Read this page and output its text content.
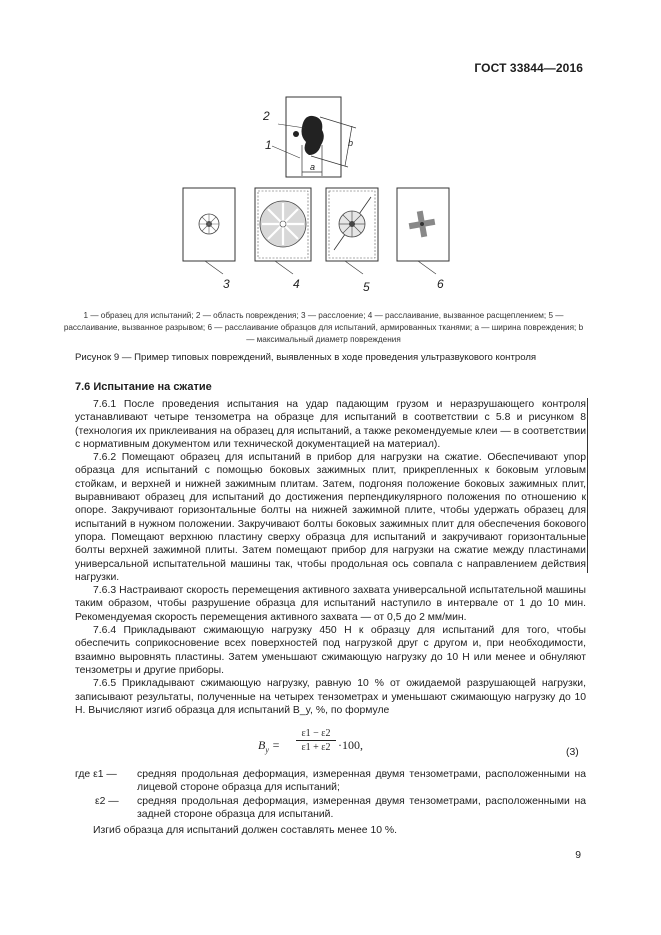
ГОСТ 33844—2016
a
b
2
1
3	4	5	6
1 — образец для испытаний; 2 — область повреждения; 3 — расслоение; 4 — расслаивание, вызванное расщеплением; 5 — расслаивание, вызванное разрывом; 6 — расслаивание образцов для испытаний, армированных тканями; a — ширина повреждения; b — максимальный диаметр повреждения
Рисунок 9 — Пример типовых повреждений, выявленных в ходе проведения ультразвукового контроля
7.6 Испытание на сжатие

7.6.1 После проведения испытания на удар падающим грузом и неразрушающего контроля устанавливают четыре тензометра на образце для испытаний в соответствии с 5.8 и рисунком 8 (технология их приклеивания на образец для испытаний, а также рекомендуемые клеи — в соответствии с нормативным документом или технической документацией на материал).

7.6.2 Помещают образец для испытаний в прибор для нагрузки на сжатие. Обеспечивают упор образца для испытаний с помощью боковых зажимных плит, прикрепленных к боковым угловым стойкам, и верхней и нижней зажимным плитам. Затем, подгоняя положение боковых зажимных плит, выравнивают образец для испытаний до достижения перпендикулярного положения по отношению к опоре. Закручивают горизонтальные болты на нижней зажимной плите, чтобы удержать образец для испытаний в нужном положении. Закручивают болты боковых зажимных плит для обеспечения бокового упора. Помещают верхнюю пластину сверху образца для испытаний и закручивают горизонтальные болты верхней зажимной плиты. Затем помещают прибор для нагрузки на сжатие между пластинами универсальной испытательной машины так, чтобы продольная ось совпала с направлением действия нагрузки.

7.6.3 Настраивают скорость перемещения активного захвата универсальной испытательной машины таким образом, чтобы разрушение образца для испытаний наступило в интервале от 1 до 10 мин. Рекомендуемая скорость перемещения активного захвата — от 0,5 до 2 мм/мин.

7.6.4 Прикладывают сжимающую нагрузку 450 Н к образцу для испытаний для того, чтобы обеспечить соприкосновение всех поверхностей под нагрузкой друг с другом и, при необходимости, взаимно выровнять пластины. Затем уменьшают сжимающую нагрузку до 10 Н или менее и обнуляют тензометры и другие приборы.

7.6.5 Прикладывают сжимающую нагрузку, равную 10 % от ожидаемой разрушающей нагрузки, записывают результаты, полученные на четырех тензометрах и уменьшают сжимающую нагрузку до 10 Н. Вычисляют изгиб образца для испытаний B_y, %, по формуле

$B_y = \frac{\varepsilon 1 - \varepsilon 2}{\varepsilon 1 + \varepsilon 2} \cdot 100$,
(3)
где ε1 — средняя продольная деформация, измеренная двумя тензометрами, расположенными на лицевой стороне образца для испытаний;
ε2 — средняя продольная деформация, измеренная двумя тензометрами, расположенными на задней стороне образца для испытаний.
Изгиб образца для испытаний должен составлять менее 10 %.
9
